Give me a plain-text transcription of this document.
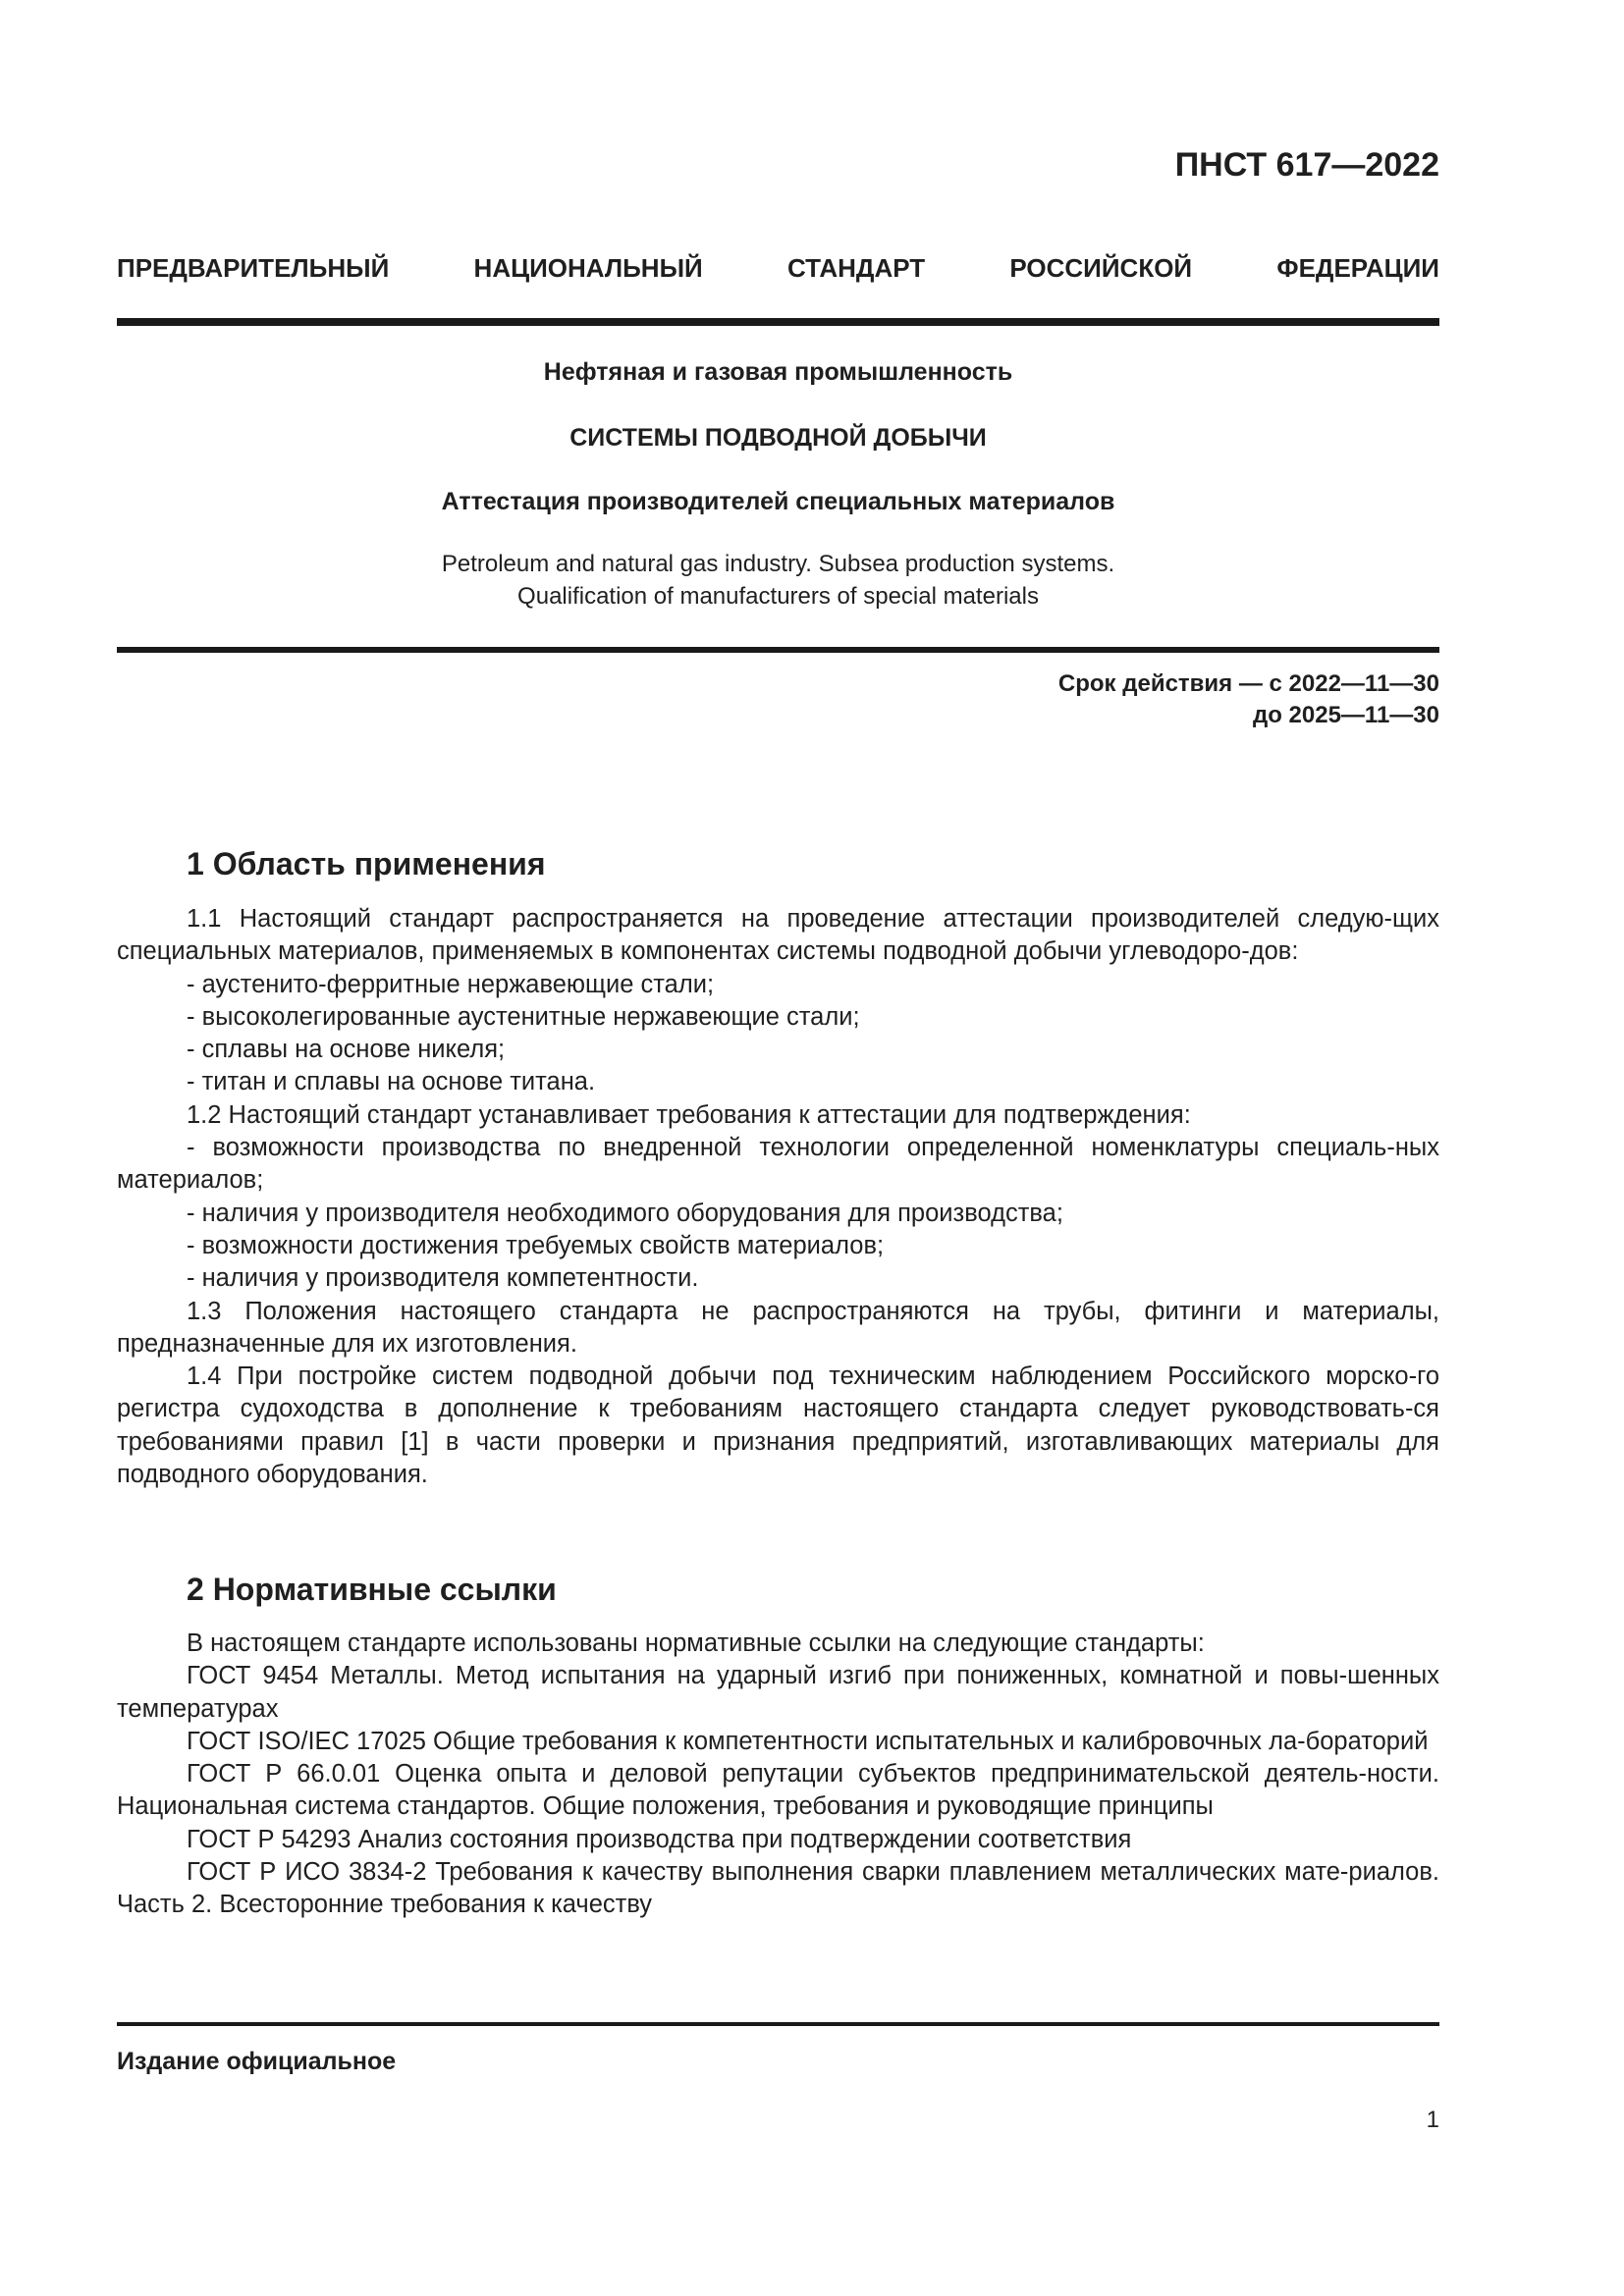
ПНСТ 617—2022
ПРЕДВАРИТЕЛЬНЫЙ НАЦИОНАЛЬНЫЙ СТАНДАРТ РОССИЙСКОЙ ФЕДЕРАЦИИ
Нефтяная и газовая промышленность
СИСТЕМЫ ПОДВОДНОЙ ДОБЫЧИ
Аттестация производителей специальных материалов
Petroleum and natural gas industry. Subsea production systems.
Qualification of manufacturers of special materials
Срок действия — с 2022—11—30
до 2025—11—30
1 Область применения

1.1 Настоящий стандарт распространяется на проведение аттестации производителей следую-щих специальных материалов, применяемых в компонентах системы подводной добычи углеводоро-дов:

- аустенито-ферритные нержавеющие стали;

- высоколегированные аустенитные нержавеющие стали;

- сплавы на основе никеля;

- титан и сплавы на основе титана.

1.2 Настоящий стандарт устанавливает требования к аттестации для подтверждения:

- возможности производства по внедренной технологии определенной номенклатуры специаль-ных материалов;

- наличия у производителя необходимого оборудования для производства;

- возможности достижения требуемых свойств материалов;

- наличия у производителя компетентности.

1.3 Положения настоящего стандарта не распространяются на трубы, фитинги и материалы, предназначенные для их изготовления.

1.4 При постройке систем подводной добычи под техническим наблюдением Российского морско-го регистра судоходства в дополнение к требованиям настоящего стандарта следует руководствовать-ся требованиями правил [1] в части проверки и признания предприятий, изготавливающих материалы для подводного оборудования.

2 Нормативные ссылки

В настоящем стандарте использованы нормативные ссылки на следующие стандарты:

ГОСТ 9454 Металлы. Метод испытания на ударный изгиб при пониженных, комнатной и повы-шенных температурах

ГОСТ ISO/IEC 17025 Общие требования к компетентности испытательных и калибровочных ла-бораторий

ГОСТ Р 66.0.01 Оценка опыта и деловой репутации субъектов предпринимательской деятель-ности. Национальная система стандартов. Общие положения, требования и руководящие принципы

ГОСТ Р 54293 Анализ состояния производства при подтверждении соответствия

ГОСТ Р ИСО 3834-2 Требования к качеству выполнения сварки плавлением металлических мате-риалов. Часть 2. Всесторонние требования к качеству

Издание официальное
1
